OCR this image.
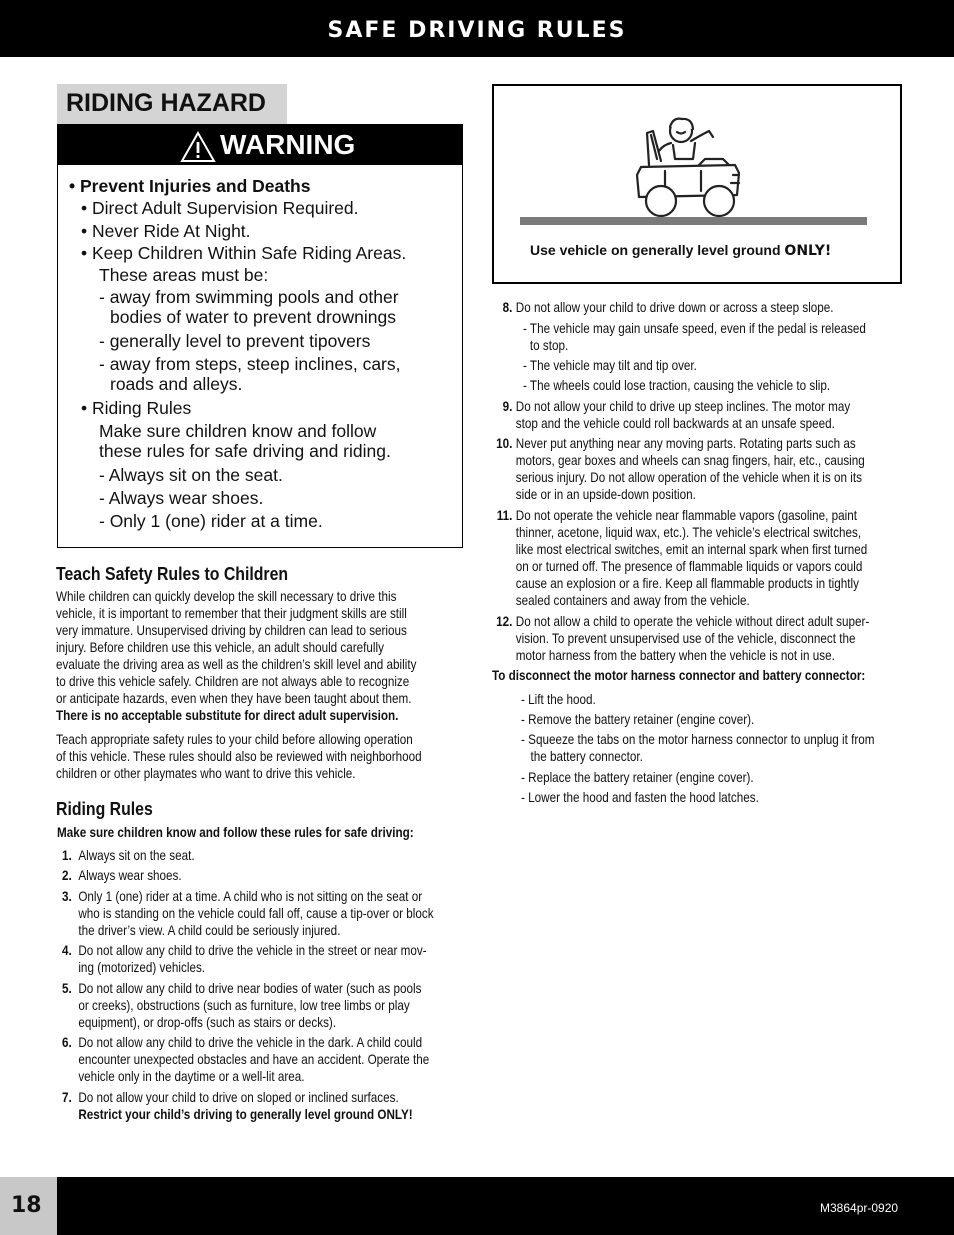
SAFE DRIVING RULES
RIDING HAZARD
WARNING
• Prevent Injuries and Deaths
• Direct Adult Supervision Required.
• Never Ride At Night.
• Keep Children Within Safe Riding Areas.
These areas must be:
- away from swimming pools and other
bodies of water to prevent drownings
- generally level to prevent tipovers
- away from steps, steep inclines, cars,
roads and alleys.
• Riding Rules
Make sure children know and follow
these rules for safe driving and riding.
- Always sit on the seat.
- Always wear shoes.
- Only 1 (one) rider at a time.
Teach Safety Rules to Children
While children can quickly develop the skill necessary to drive this
vehicle, it is important to remember that their judgment skills are still
very immature. Unsupervised driving by children can lead to serious
injury. Before children use this vehicle, an adult should carefully
evaluate the driving area as well as the children’s skill level and ability
to drive this vehicle safely. Children are not always able to recognize
or anticipate hazards, even when they have been taught about them.
There is no acceptable substitute for direct adult supervision.
Teach appropriate safety rules to your child before allowing operation
of this vehicle. These rules should also be reviewed with neighborhood
children or other playmates who want to drive this vehicle.
Riding Rules
Make sure children know and follow these rules for safe driving:
1. Always sit on the seat.
2. Always wear shoes.
3. Only 1 (one) rider at a time. A child who is not sitting on the seat or
who is standing on the vehicle could fall off, cause a tip-over or block
the driver’s view. A child could be seriously injured.
4. Do not allow any child to drive the vehicle in the street or near mov-
ing (motorized) vehicles.
5. Do not allow any child to drive near bodies of water (such as pools
or creeks), obstructions (such as furniture, low tree limbs or play
equipment), or drop-offs (such as stairs or decks).
6. Do not allow any child to drive the vehicle in the dark. A child could
encounter unexpected obstacles and have an accident. Operate the
vehicle only in the daytime or a well-lit area.
7. Do not allow your child to drive on sloped or inclined surfaces.
Restrict your child’s driving to generally level ground ONLY!
Use vehicle on generally level ground ONLY!
8. Do not allow your child to drive down or across a steep slope.
- The vehicle may gain unsafe speed, even if the pedal is released
to stop.
- The vehicle may tilt and tip over.
- The wheels could lose traction, causing the vehicle to slip.
9. Do not allow your child to drive up steep inclines. The motor may
stop and the vehicle could roll backwards at an unsafe speed.
10. Never put anything near any moving parts. Rotating parts such as
motors, gear boxes and wheels can snag fingers, hair, etc., causing
serious injury. Do not allow operation of the vehicle when it is on its
side or in an upside-down position.
11. Do not operate the vehicle near flammable vapors (gasoline, paint
thinner, acetone, liquid wax, etc.). The vehicle’s electrical switches,
like most electrical switches, emit an internal spark when first turned
on or turned off. The presence of flammable liquids or vapors could
cause an explosion or a fire. Keep all flammable products in tightly
sealed containers and away from the vehicle.
12. Do not allow a child to operate the vehicle without direct adult super-
vision. To prevent unsupervised use of the vehicle, disconnect the
motor harness from the battery when the vehicle is not in use.
To disconnect the motor harness connector and battery connector:
- Lift the hood.
- Remove the battery retainer (engine cover).
- Squeeze the tabs on the motor harness connector to unplug it from
the battery connector.
- Replace the battery retainer (engine cover).
- Lower the hood and fasten the hood latches.
18	M3864pr-0920
